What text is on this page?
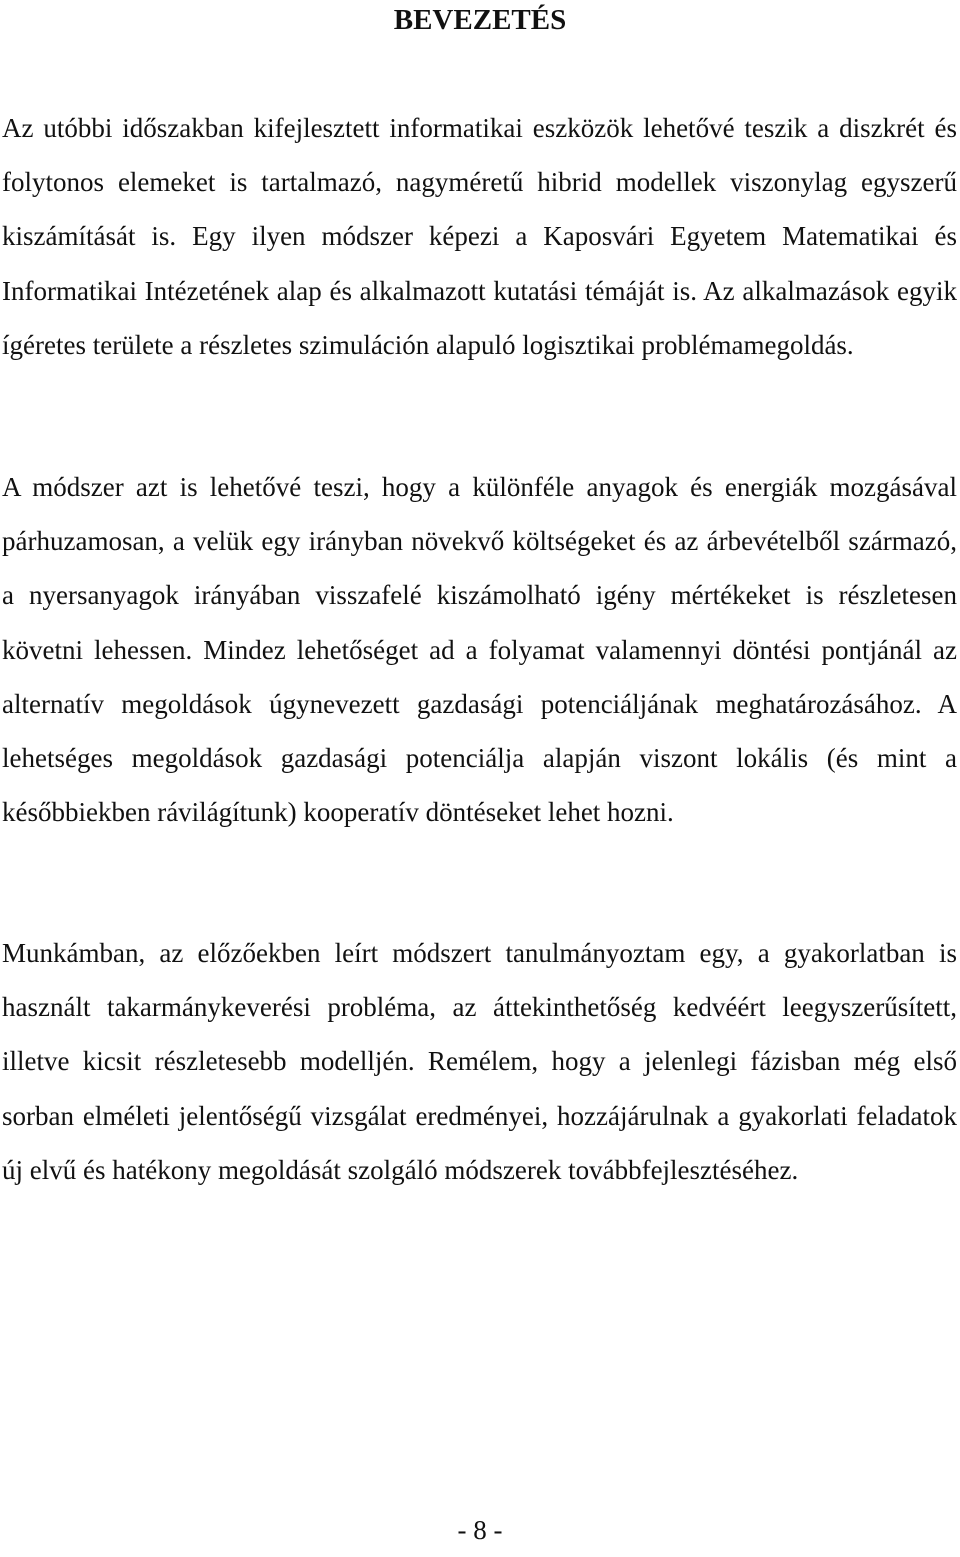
BEVEZETÉS

Az utóbbi időszakban kifejlesztett informatikai eszközök lehetővé teszik a diszkrét és folytonos elemeket is tartalmazó, nagyméretű hibrid modellek viszonylag egyszerű kiszámítását is. Egy ilyen módszer képezi a Kaposvári Egyetem Matematikai és Informatikai Intézetének alap és alkalmazott kutatási témáját is. Az alkalmazások egyik ígéretes területe a részletes szimuláción alapuló logisztikai problémamegoldás.

A módszer azt is lehetővé teszi, hogy a különféle anyagok és energiák mozgásával párhuzamosan, a velük egy irányban növekvő költségeket és az árbevételből származó, a nyersanyagok irányában visszafelé kiszámolható igény mértékeket is részletesen követni lehessen. Mindez lehetőséget ad a folyamat valamennyi döntési pontjánál az alternatív megoldások úgynevezett gazdasági potenciáljának meghatározásához. A lehetséges megoldások gazdasági potenciálja alapján viszont lokális (és mint a későbbiekben rávilágítunk) kooperatív döntéseket lehet hozni.

Munkámban, az előzőekben leírt módszert tanulmányoztam egy, a gyakorlatban is használt takarmánykeverési probléma, az áttekinthetőség kedvéért leegyszerűsített, illetve kicsit részletesebb modelljén. Remélem, hogy a jelenlegi fázisban még első sorban elméleti jelentőségű vizsgálat eredményei, hozzájárulnak a gyakorlati feladatok új elvű és hatékony megoldását szolgáló módszerek továbbfejlesztéséhez.

- 8 -
